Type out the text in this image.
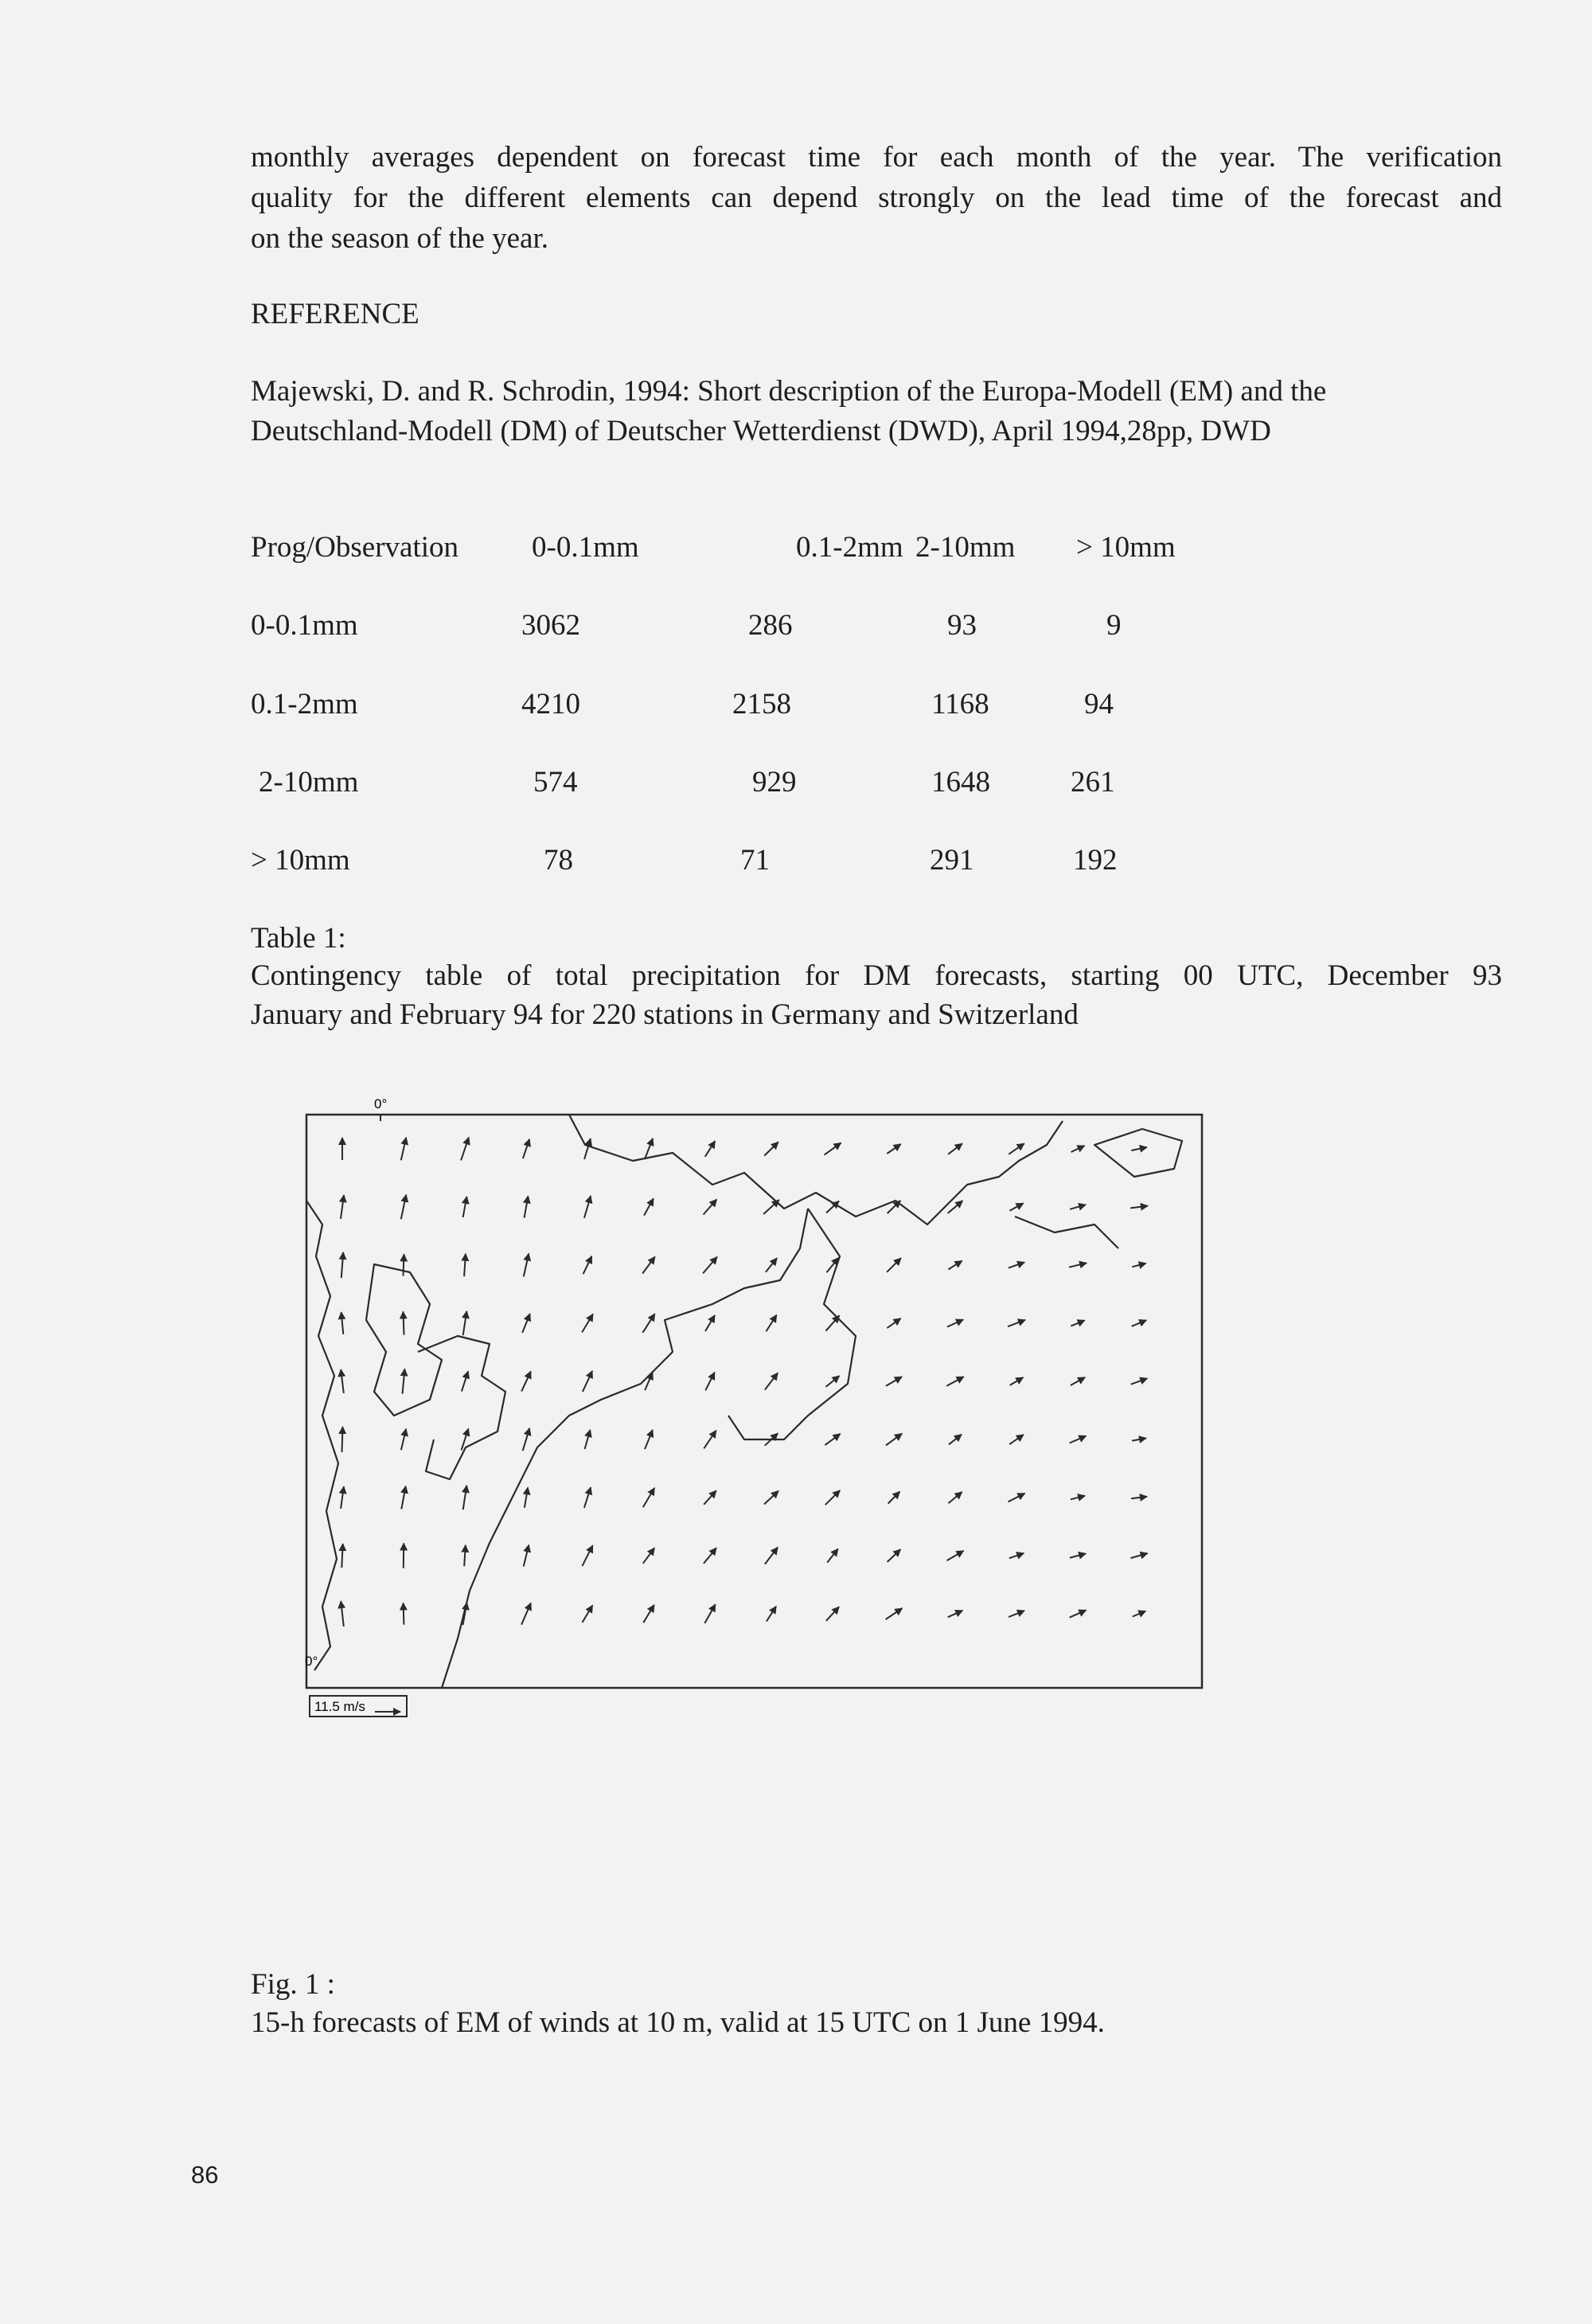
monthly averages dependent on forecast time for each month of the year. The verification
quality for the different elements can depend strongly on the lead time of the forecast and
on the season of the year.
REFERENCE
Majewski, D. and R. Schrodin, 1994: Short description of the Europa-Modell (EM) and the
Deutschland-Modell (DM) of Deutscher Wetterdienst (DWD), April 1994,28pp, DWD
Prog/Observation 0-0.1mm	0.1-2mm 2-10mm > 10mm
0-0.1mm	3062	286	93	9
0.1-2mm	4210	2158	1168	94
2-10mm	574	929	1648	261
> 10mm	78	71	291	192
Table 1:
Contingency table of total precipitation for DM forecasts, starting 00 UTC, December 93
January and February 94 for 220 stations in Germany and Switzerland
0°
0°
11.5 m/s
Fig. 1 :
15-h forecasts of EM of winds at 10 m, valid at 15 UTC on 1 June 1994.
86
